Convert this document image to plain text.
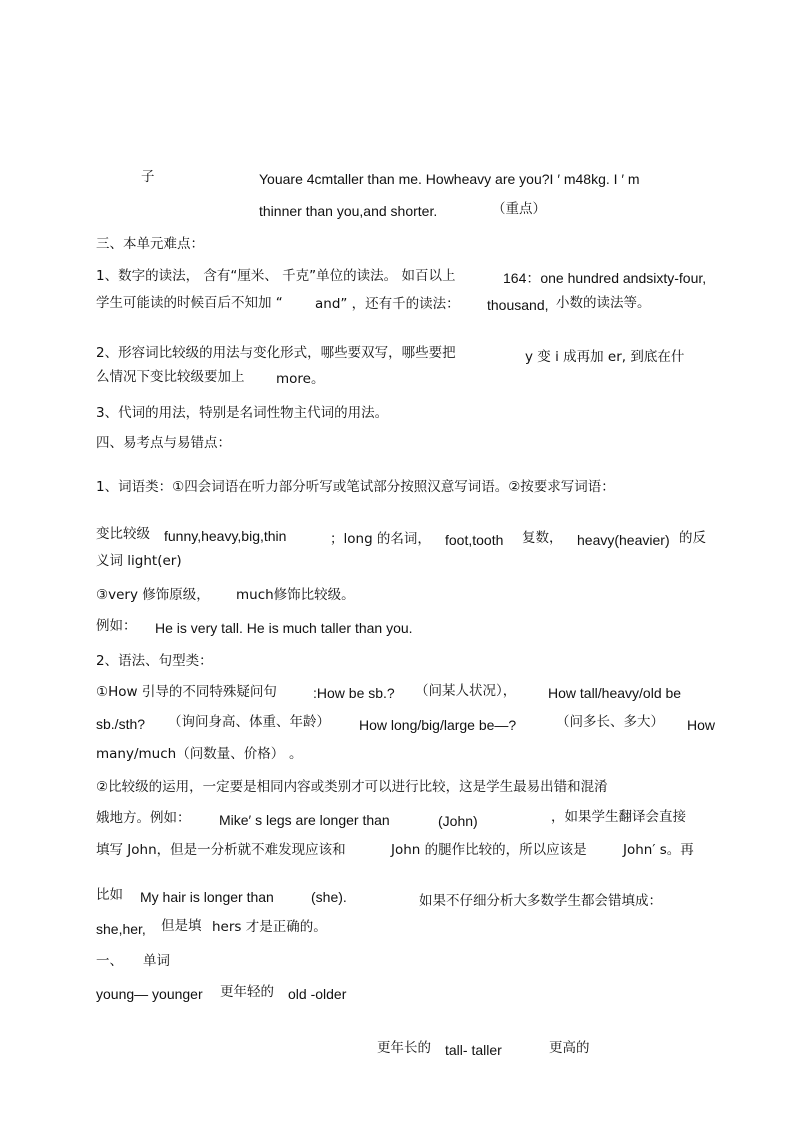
子	Youare 4cmtaller than me. Howheavy are you?I ′ m48kg. I ′ m
thinner than you,and shorter.	（重点）
三、本单元难点：
1、数字的读法， 含有“厘米、 千克”单位的读法。 如百以上	164：one hundred andsixty-four,
学生可能读的时候百后不知加 “ and” ，还有千的读法： thousand, 小数的读法等。
2、形容词比较级的用法与变化形式，哪些要双写，哪些要把	y 变 i 成再加 er, 到底在什
么情况下变比较级要加上 more。
3、代词的用法，特别是名词性物主代词的用法。
四、易考点与易错点：
1、词语类：①四会词语在听力部分听写或笔试部分按照汉意写词语。②按要求写词语：
变比较级 funny,heavy,big,thin	；long 的名词， foot,tooth 复数， heavy(heavier) 的反
义词 light(er)
③very 修饰原级， much修饰比较级。
例如： He is very tall. He is much taller than you.
2、语法、句型类：
①How 引导的不同特殊疑问句	:How be sb.? （问某人状况）， How tall/heavy/old be
sb./sth? （询问身高、体重、年龄） How long/big/large be—?	（问多长、多大） How
many/much（问数量、价格） 。
②比较级的运用，一定要是相同内容或类别才可以进行比较，这是学生最易出错和混淆
娥地方。例如： Mike′ s legs are longer than	(John)	，如果学生翻译会直接
填写 John，但是一分析就不难发现应该和	John 的腿作比较的，所以应该是	John′ s。再
比如 My hair is longer than	(she).	如果不仔细分析大多数学生都会错填成：
she,her, 但是填 hers 才是正确的。
一、 单词
young— younger 更年轻的 old -older
更年长的 tall- taller	更高的
